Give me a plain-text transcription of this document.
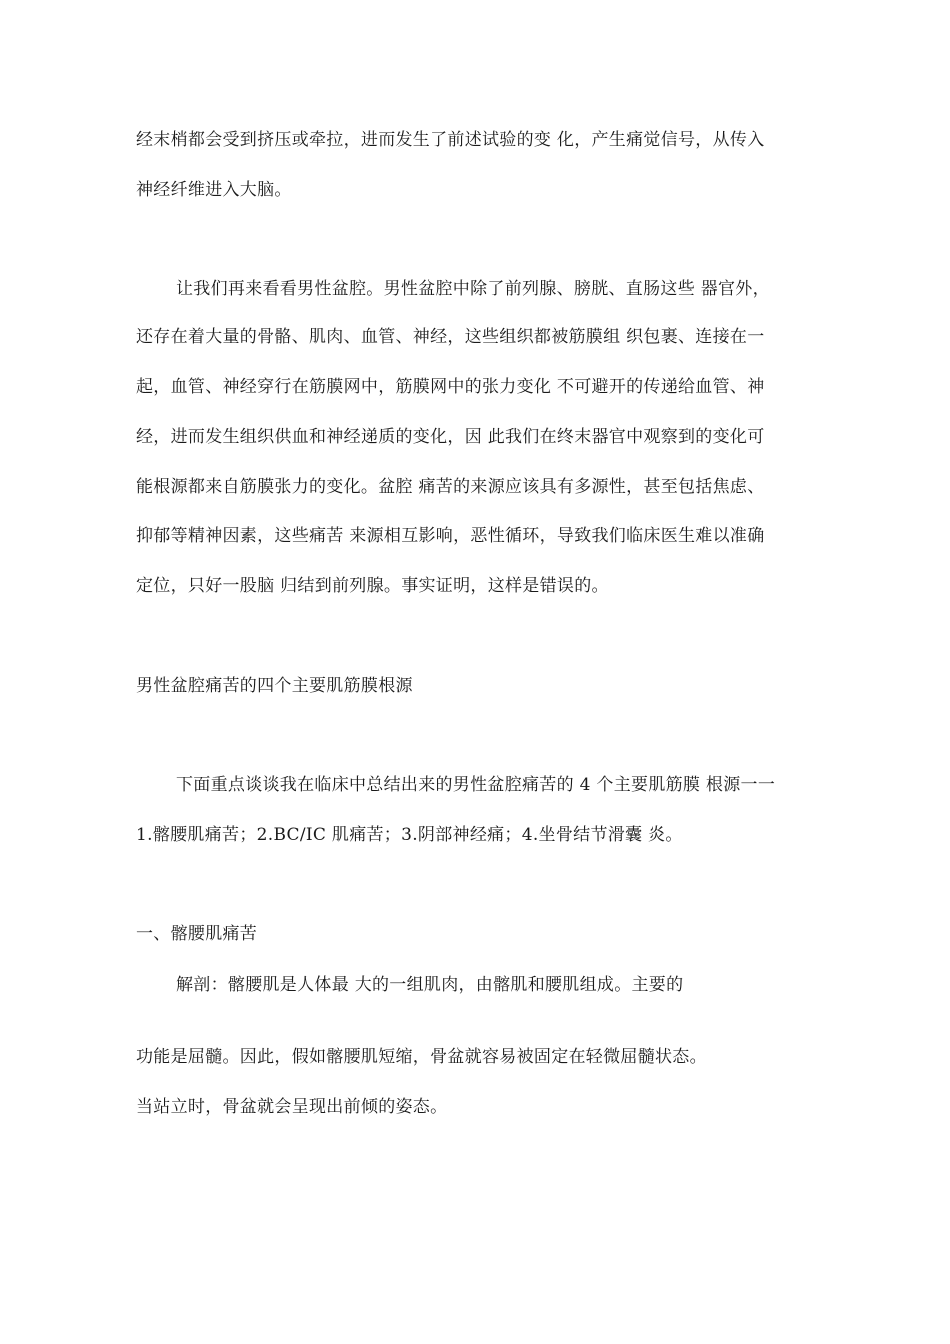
经末梢都会受到挤压或牵拉，进而发生了前述试验的变 化，产生痛觉信号，从传入
神经纤维进入大脑。
让我们再来看看男性盆腔。男性盆腔中除了前列腺、膀胱、直肠这些 器官外，
还存在着大量的骨骼、肌肉、血管、神经，这些组织都被筋膜组 织包裹、连接在一
起，血管、神经穿行在筋膜网中，筋膜网中的张力变化 不可避开的传递给血管、神
经，进而发生组织供血和神经递质的变化，因 此我们在终末器官中观察到的变化可
能根源都来自筋膜张力的变化。盆腔 痛苦的来源应该具有多源性，甚至包括焦虑、
抑郁等精神因素，这些痛苦 来源相互影响，恶性循环，导致我们临床医生难以准确
定位，只好一股脑 归结到前列腺。事实证明，这样是错误的。
男性盆腔痛苦的四个主要肌筋膜根源
下面重点谈谈我在临床中总结出来的男性盆腔痛苦的 4 个主要肌筋膜 根源一一
1.髂腰肌痛苦；2.BC/IC 肌痛苦；3.阴部神经痛；4.坐骨结节滑囊 炎。
一、髂腰肌痛苦
解剖：髂腰肌是人体最 大的一组肌肉，由髂肌和腰肌组成。主要的
功能是屈髓。因此，假如髂腰肌短缩，骨盆就容易被固定在轻微屈髓状态。
当站立时，骨盆就会呈现出前倾的姿态。
